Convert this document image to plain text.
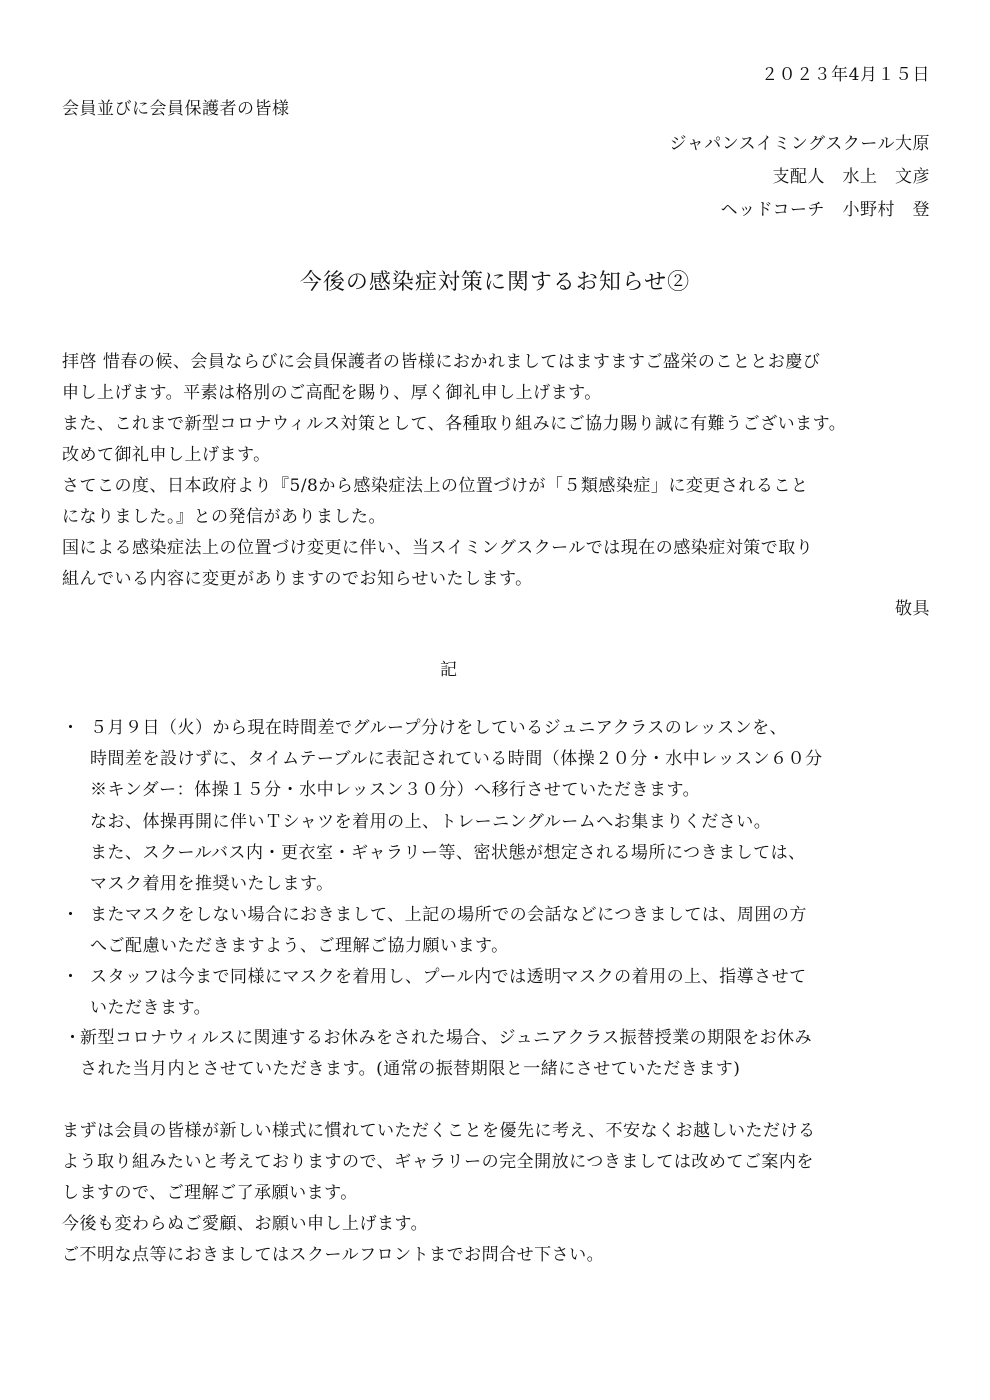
２０２３年4月１５日
会員並びに会員保護者の皆様
ジャパンスイミングスクール大原
支配人　水上　文彦
ヘッドコーチ　小野村　登
今後の感染症対策に関するお知らせ②
拝啓 惜春の候、会員ならびに会員保護者の皆様におかれましてはますますご盛栄のこととお慶び
申し上げます。平素は格別のご高配を賜り、厚く御礼申し上げます。
また、これまで新型コロナウィルス対策として、各種取り組みにご協力賜り誠に有難うございます。
改めて御礼申し上げます。
さてこの度、日本政府より『5/8から感染症法上の位置づけが「５類感染症」に変更されること
になりました。』との発信がありました。
国による感染症法上の位置づけ変更に伴い、当スイミングスクールでは現在の感染症対策で取り
組んでいる内容に変更がありますのでお知らせいたします。
敬具
記
・ ５月９日（火）から現在時間差でグループ分けをしているジュニアクラスのレッスンを、
時間差を設けずに、タイムテーブルに表記されている時間（体操２０分・水中レッスン６０分
※キンダー：体操１５分・水中レッスン３０分）へ移行させていただきます。
なお、体操再開に伴いＴシャツを着用の上、トレーニングルームへお集まりください。
また、スクールバス内・更衣室・ギャラリー等、密状態が想定される場所につきましては、
マスク着用を推奨いたします。
・ またマスクをしない場合におきまして、上記の場所での会話などにつきましては、周囲の方
へご配慮いただきますよう、ご理解ご協力願います。
・ スタッフは今まで同様にマスクを着用し、プール内では透明マスクの着用の上、指導させて
いただきます。
・ 新型コロナウィルスに関連するお休みをされた場合、ジュニアクラス振替授業の期限をお休み
された当月内とさせていただきます。(通常の振替期限と一緒にさせていただきます)
まずは会員の皆様が新しい様式に慣れていただくことを優先に考え、不安なくお越しいただける
よう取り組みたいと考えておりますので、ギャラリーの完全開放につきましては改めてご案内を
しますので、ご理解ご了承願います。
今後も変わらぬご愛顧、お願い申し上げます。
ご不明な点等におきましてはスクールフロントまでお問合せ下さい。
